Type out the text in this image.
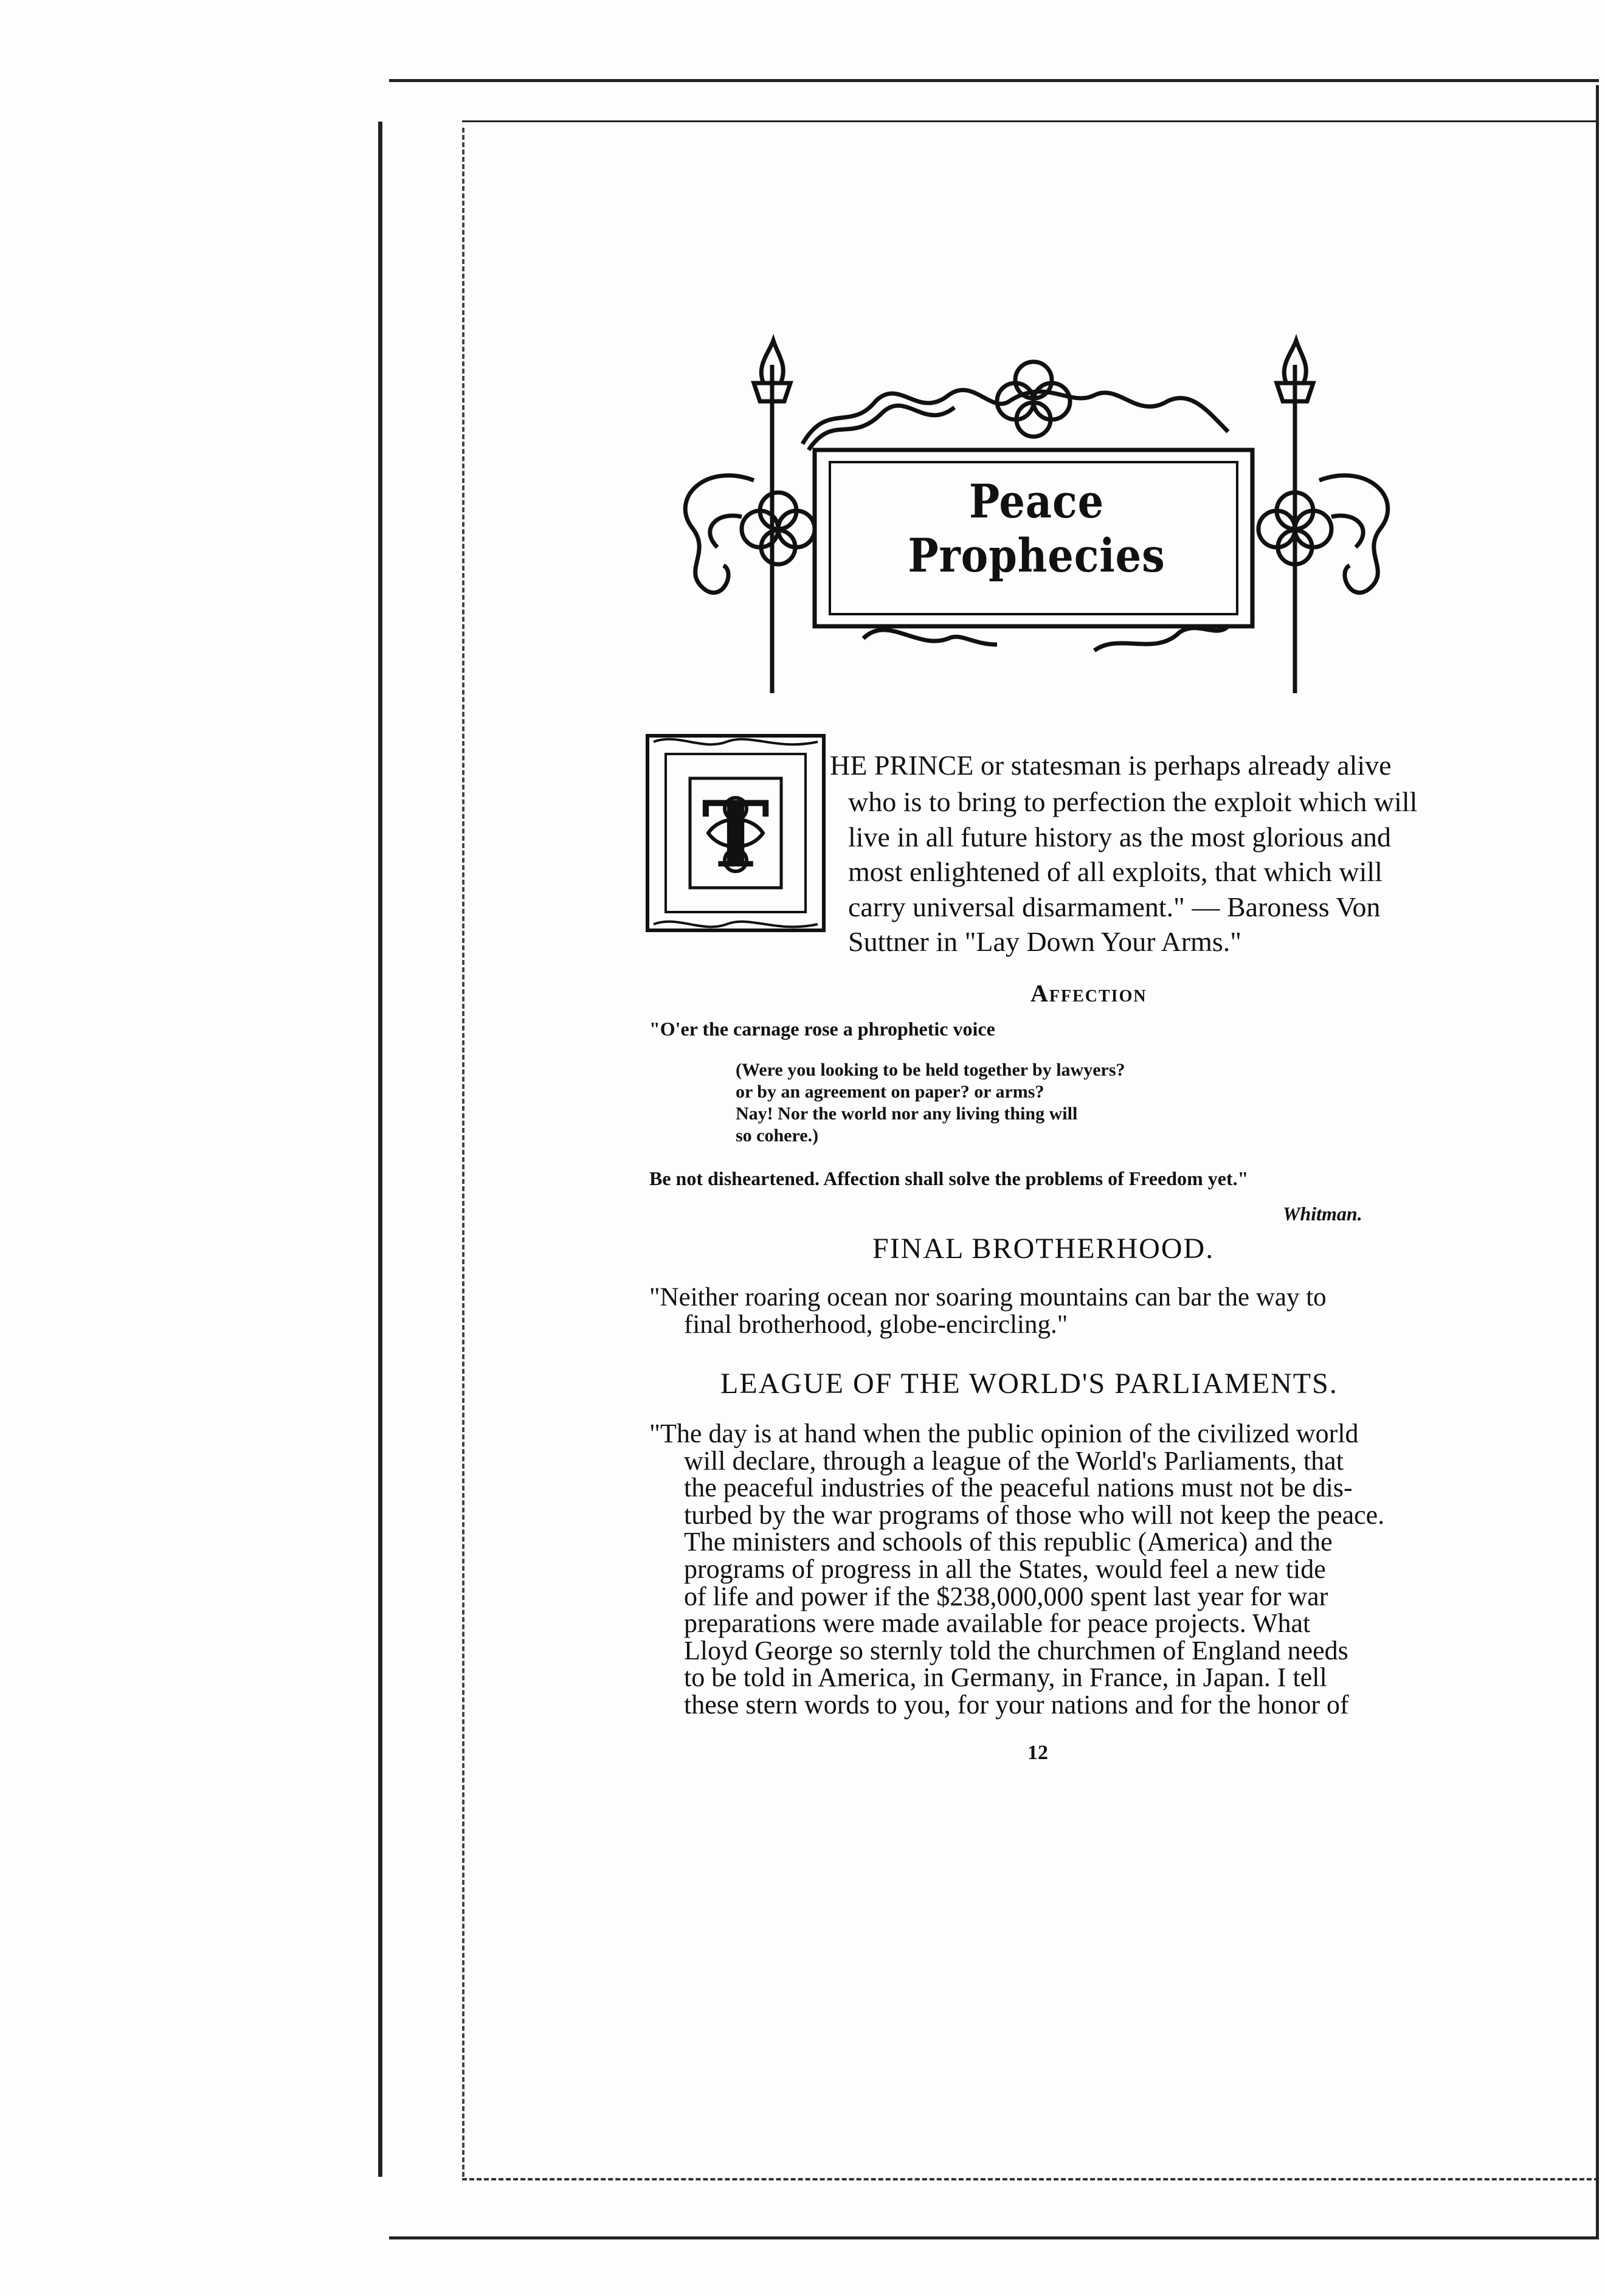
Peace Prophecies
T
HE PRINCE or statesman is perhaps already alive
who is to bring to perfection the exploit which will
live in all future history as the most glorious and
most enlightened of all exploits, that which will
carry universal disarmament." — Baroness Von
Suttner in "Lay Down Your Arms."
Affection
"O'er the carnage rose a phrophetic voice
(Were you looking to be held together by lawyers?
or by an agreement on paper? or arms?
Nay! Nor the world nor any living thing will
so cohere.)
Be not disheartened. Affection shall solve the problems of Freedom yet."
Whitman.
FINAL BROTHERHOOD.
"Neither roaring ocean nor soaring mountains can bar the way to
final brotherhood, globe-encircling."
LEAGUE OF THE WORLD'S PARLIAMENTS.
"The day is at hand when the public opinion of the civilized world
will declare, through a league of the World's Parliaments, that
the peaceful industries of the peaceful nations must not be dis-
turbed by the war programs of those who will not keep the peace.
The ministers and schools of this republic (America) and the
programs of progress in all the States, would feel a new tide
of life and power if the $238,000,000 spent last year for war
preparations were made available for peace projects. What
Lloyd George so sternly told the churchmen of England needs
to be told in America, in Germany, in France, in Japan. I tell
these stern words to you, for your nations and for the honor of
12
